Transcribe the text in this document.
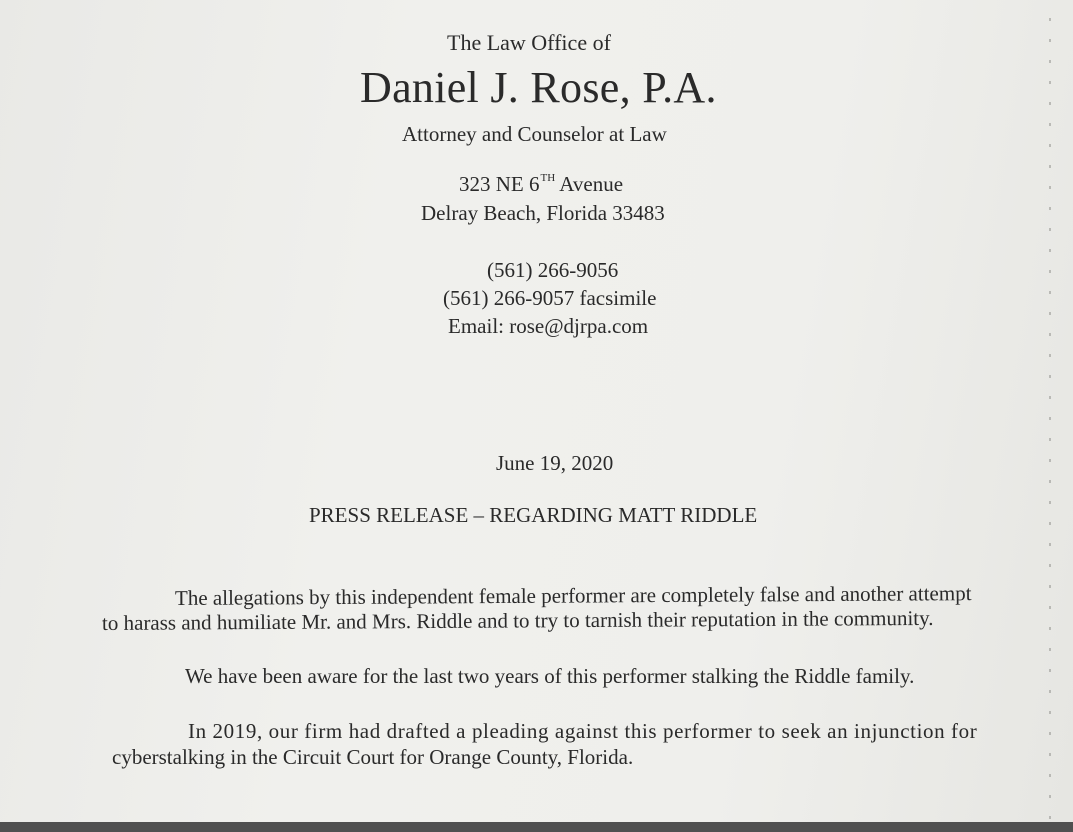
The Law Office of
Daniel J. Rose, P.A.
Attorney and Counselor at Law
323 NE 6TH Avenue
Delray Beach, Florida 33483
(561) 266-9056
(561) 266-9057 facsimile
Email: rose@djrpa.com
June 19, 2020
PRESS RELEASE – REGARDING MATT RIDDLE
The allegations by this independent female performer are completely false and another attempt
to harass and humiliate Mr. and Mrs. Riddle and to try to tarnish their reputation in the community.
We have been aware for the last two years of this performer stalking the Riddle family.
In 2019, our firm had drafted a pleading against this performer to seek an injunction for
cyberstalking in the Circuit Court for Orange County, Florida.
